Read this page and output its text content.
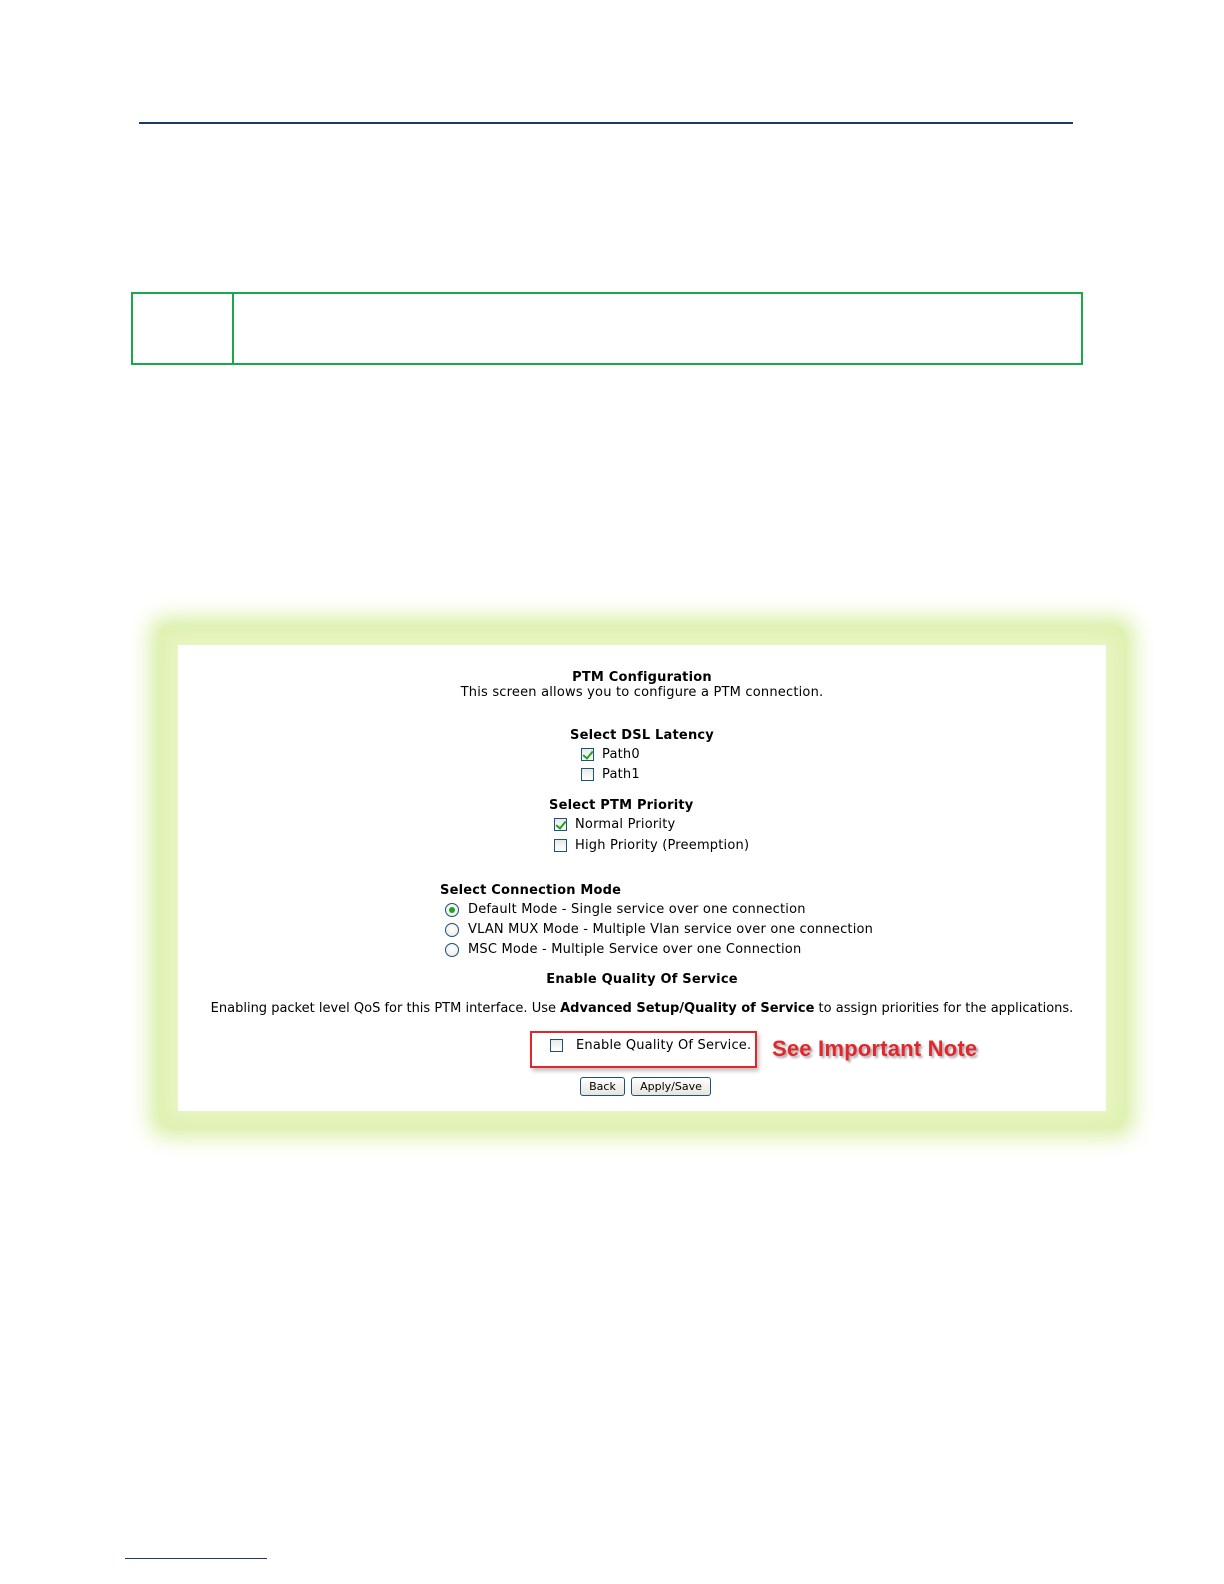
PTM Configuration
This screen allows you to configure a PTM connection.
Select DSL Latency
Path0
Path1
Select PTM Priority
Normal Priority
High Priority (Preemption)
Select Connection Mode
Default Mode - Single service over one connection
VLAN MUX Mode - Multiple Vlan service over one connection
MSC Mode - Multiple Service over one Connection
Enable Quality Of Service
Enabling packet level QoS for this PTM interface. Use Advanced Setup/Quality of Service to assign priorities for the applications.
Enable Quality Of Service. See Important Note
Back	Apply/Save
